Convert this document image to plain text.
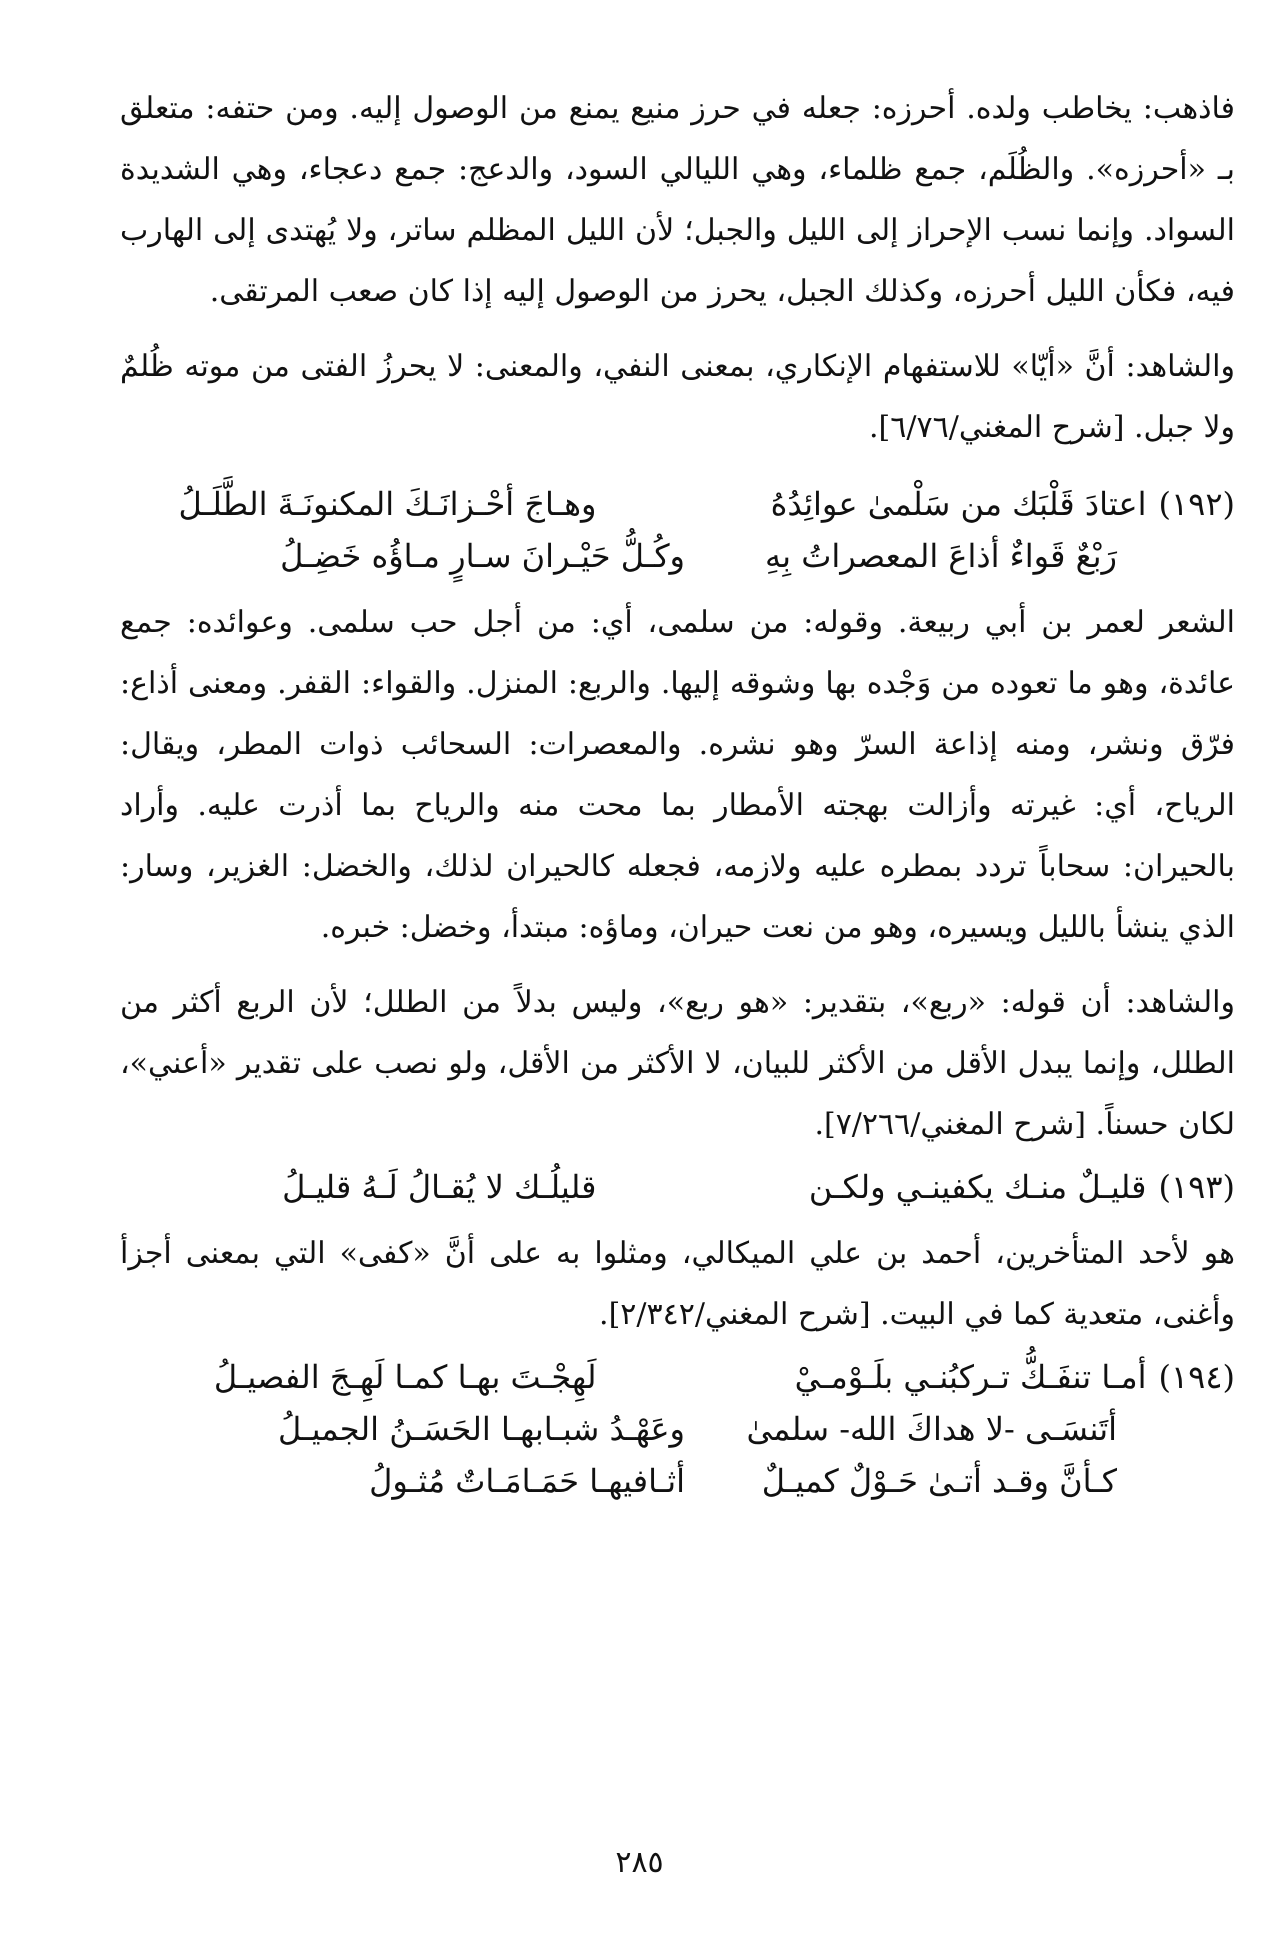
فاذهب: يخاطب ولده. أحرزه: جعله في حرز منيع يمنع من الوصول إليه. ومن حتفه: متعلق بـ «أحرزه». والظُلَم، جمع ظلماء، وهي الليالي السود، والدعج: جمع دعجاء، وهي الشديدة السواد. وإنما نسب الإحراز إلى الليل والجبل؛ لأن الليل المظلم ساتر، ولا يُهتدى إلى الهارب فيه، فكأن الليل أحرزه، وكذلك الجبل، يحرز من الوصول إليه إذا كان صعب المرتقى.

والشاهد: أنَّ «أيّا» للاستفهام الإنكاري، بمعنى النفي، والمعنى: لا يحرزُ الفتى من موته ظُلمٌ ولا جبل. [شرح المغني/٦/٧٦].

(١٩٢)
اعتادَ قَلْبَك من سَلْمىٰ عوائِدُهُ
وهـاجَ أحْـزانَـكَ المكنونَـةَ الطَّلَـلُ
رَبْعٌ قَواءٌ أذاعَ المعصراتُ بِهِ
وكُـلُّ حَيْـرانَ سـارٍ مـاؤُه خَضِـلُ

الشعر لعمر بن أبي ربيعة. وقوله: من سلمى، أي: من أجل حب سلمى. وعوائده: جمع عائدة، وهو ما تعوده من وَجْده بها وشوقه إليها. والربع: المنزل. والقواء: القفر. ومعنى أذاع: فرّق ونشر، ومنه إذاعة السرّ وهو نشره. والمعصرات: السحائب ذوات المطر، ويقال: الرياح، أي: غيرته وأزالت بهجته الأمطار بما محت منه والرياح بما أذرت عليه. وأراد بالحيران: سحاباً تردد بمطره عليه ولازمه، فجعله كالحيران لذلك، والخضل: الغزير، وسار: الذي ينشأ بالليل ويسيره، وهو من نعت حيران، وماؤه: مبتدأ، وخضل: خبره.

والشاهد: أن قوله: «ربع»، بتقدير: «هو ربع»، وليس بدلاً من الطلل؛ لأن الربع أكثر من الطلل، وإنما يبدل الأقل من الأكثر للبيان، لا الأكثر من الأقل، ولو نصب على تقدير «أعني»، لكان حسناً. [شرح المغني/٧/٢٦٦].

(١٩٣)
قليـلٌ منـك يكفينـي ولكـن
قليلُـك لا يُقـالُ لَـهُ قليـلُ

هو لأحد المتأخرين، أحمد بن علي الميكالي، ومثلوا به على أنَّ «كفى» التي بمعنى أجزأ وأغنى، متعدية كما في البيت. [شرح المغني/٢/٣٤٢].

(١٩٤)
أمـا تنفَـكُّ تـركبُنـي بلَـوْمـيْ
لَهِجْـتَ بهـا كمـا لَهِـجَ الفصيـلُ
أتَنسَـى -لا هداكَ الله- سلمىٰ
وعَهْـدُ شبـابهـا الحَسَـنُ الجميـلُ
كـأنَّ وقـد أتـىٰ حَـوْلٌ كميـلٌ
أثـافيهـا حَمَـامَـاتٌ مُثـولُ
٢٨٥
